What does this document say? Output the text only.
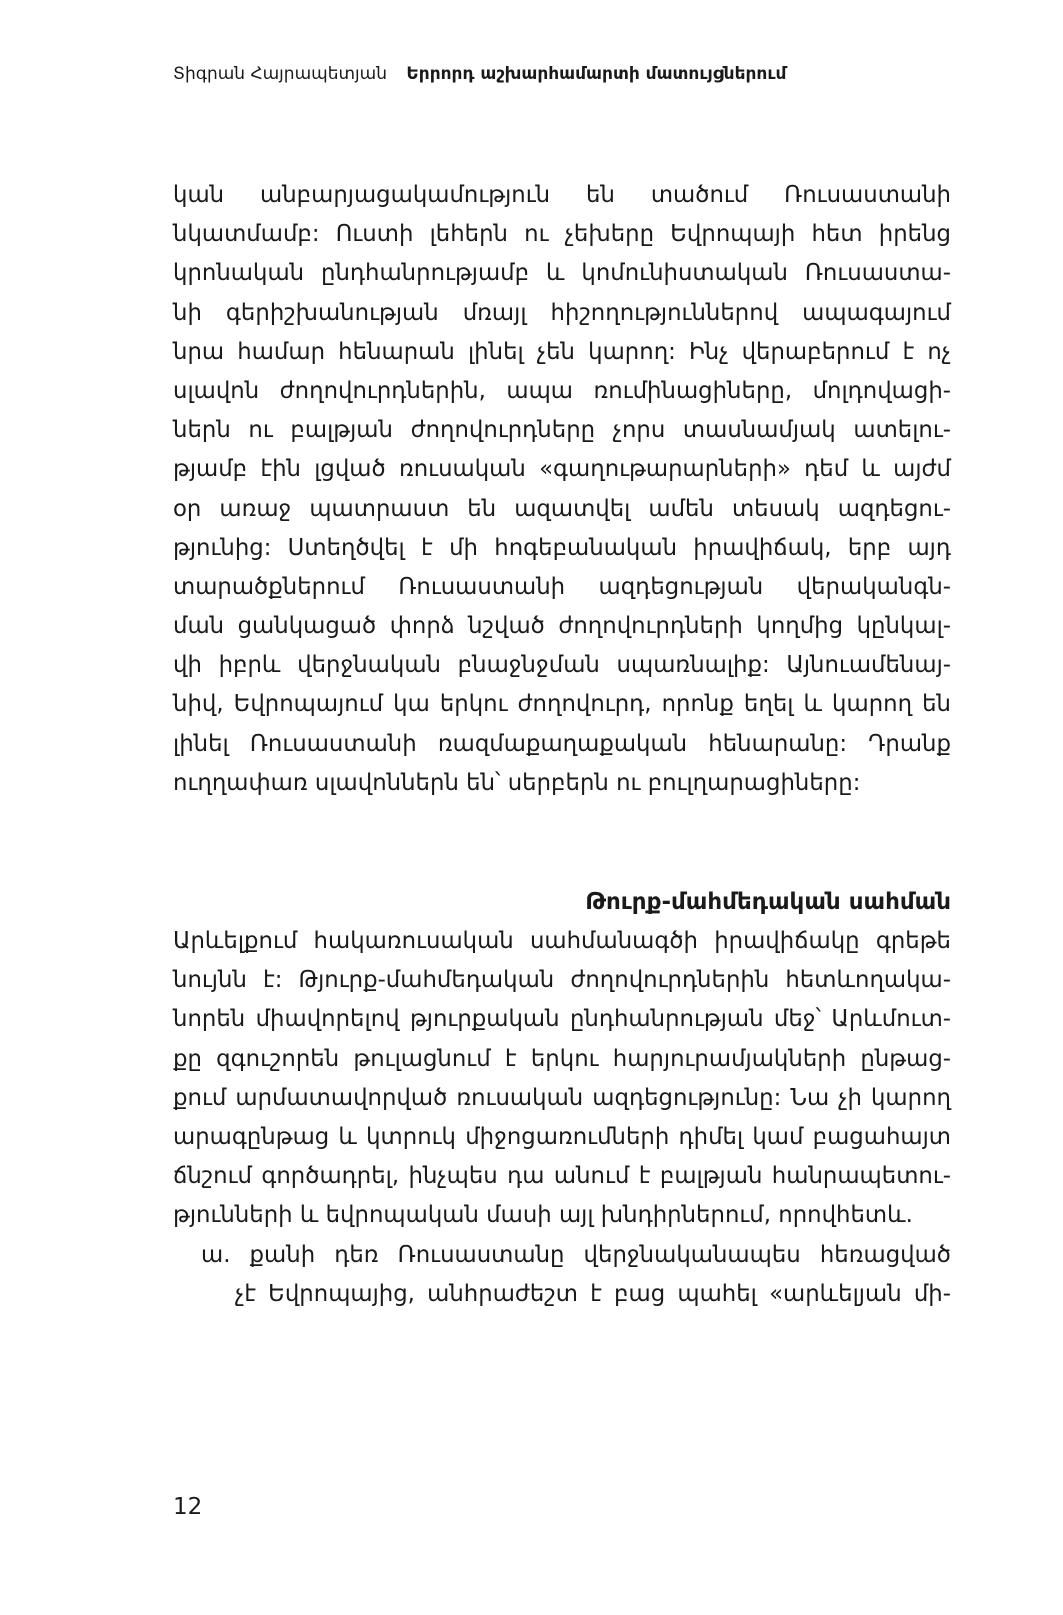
Տիգրան Հայրապետյան Երրորդ աշխարհամարտի մատույցներում
կան անբարյացակամություն են տածում Ռուսաստանի
նկատմամբ: Ուստի լեհերն ու չեխերը Եվրոպայի հետ իրենց
կրոնական ընդհանրությամբ և կոմունիստական Ռուսաստա-
նի գերիշխանության մռայլ հիշողություններով ապագայում
նրա համար հենարան լինել չեն կարող: Ինչ վերաբերում է ոչ
սլավոն ժողովուրդներին, ապա ռումինացիները, մոլդովացի-
ներն ու բալթյան ժողովուրդները չորս տասնամյակ ատելու-
թյամբ էին լցված ռուսական «գաղութարարների» դեմ և այժմ
օր առաջ պատրաստ են ազատվել ամեն տեսակ ազդեցու-
թյունից: Ստեղծվել է մի հոգեբանական իրավիճակ, երբ այդ
տարածքներում Ռուսաստանի ազդեցության վերականգն-
ման ցանկացած փորձ նշված ժողովուրդների կողմից կընկալ-
վի իբրև վերջնական բնաջնջման սպառնալիք: Այնուամենայ-
նիվ, Եվրոպայում կա երկու ժողովուրդ, որոնք եղել և կարող են
լինել Ռուսաստանի ռազմաքաղաքական հենարանը: Դրանք
ուղղափառ սլավոններն են՝ սերբերն ու բուլղարացիները:
Թուրք-մահմեդական սահման
Արևելքում հակառուսական սահմանագծի իրավիճակը գրեթե
նույնն է: Թյուրք-մահմեդական ժողովուրդներին հետևողակա-
նորեն միավորելով թյուրքական ընդհանրության մեջ՝ Արևմուտ-
քը զգուշորեն թուլացնում է երկու հարյուրամյակների ընթաց-
քում արմատավորված ռուսական ազդեցությունը: Նա չի կարող
արագընթաց և կտրուկ միջոցառումների դիմել կամ բացահայտ
ճնշում գործադրել, ինչպես դա անում է բալթյան հանրապետու-
թյունների և եվրոպական մասի այլ խնդիրներում, որովհետև.
ա. քանի դեռ Ռուսաստանը վերջնականապես հեռացված
չէ Եվրոպայից, անհրաժեշտ է բաց պահել «արևելյան մի-
12
